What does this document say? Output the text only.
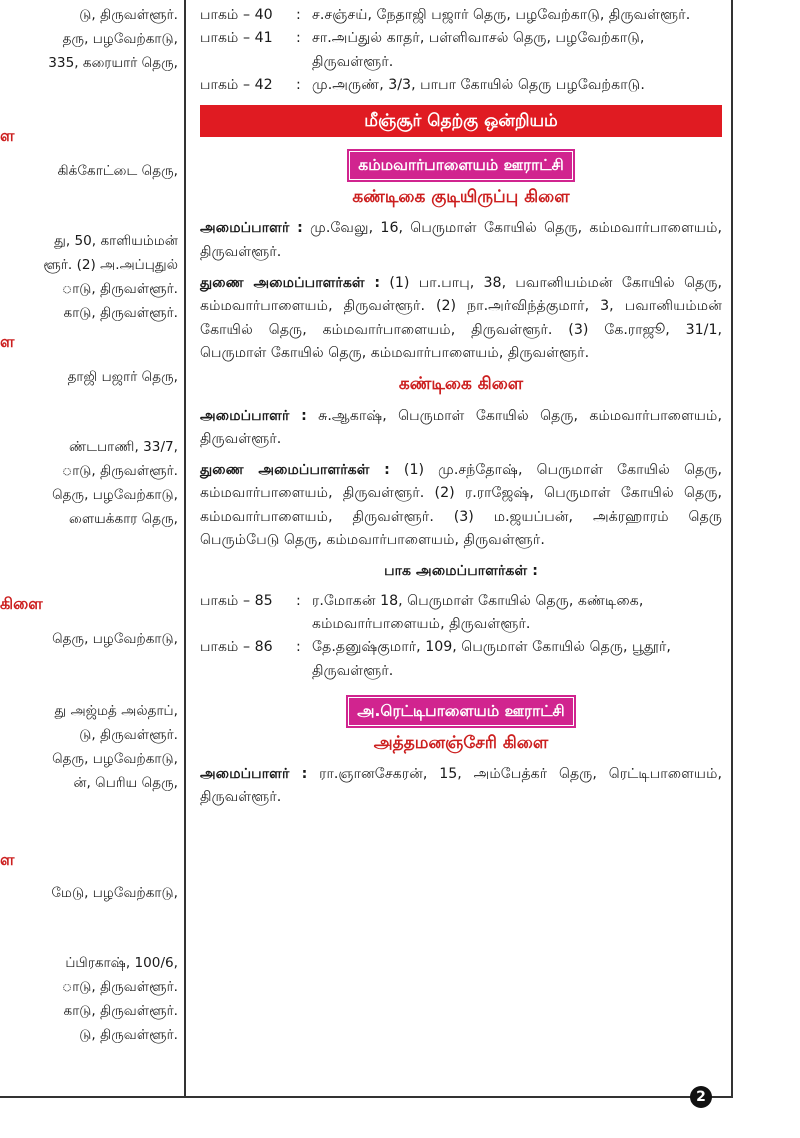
டு, திருவள்ளூர்.
தரு, பழவேற்காடு,
335, கரையார் தெரு,
ள
கிக்கோட்டை தெரு,
து, 50, காளியம்மன்
ளூர். (2) அ.அப்புதுல்
ாடு, திருவள்ளூர்.
காடு, திருவள்ளூர்.
ள
தாஜி பஜார் தெரு,
ண்டபாணி, 33/7,
ாடு, திருவள்ளூர்.
தெரு, பழவேற்காடு,
ளையக்கார தெரு,
கிளை
தெரு, பழவேற்காடு,
து அஜ்மத் அல்தாப்,
டு, திருவள்ளூர்.
தெரு, பழவேற்காடு,
ன், பெரிய தெரு,
ள
மேடு, பழவேற்காடு,
ப்பிரகாஷ், 100/6,
ாடு, திருவள்ளூர்.
காடு, திருவள்ளூர்.
டு, திருவள்ளூர்.
2
பாகம் – 40	: ச.சஞ்சய், நேதாஜி பஜார் தெரு, பழவேற்காடு, திருவள்ளூர்.
பாகம் – 41	: சா.அப்துல் காதர், பள்ளிவாசல் தெரு, பழவேற்காடு, திருவள்ளூர்.
பாகம் – 42	: மு.அருண், 3/3, பாபா கோயில் தெரு பழவேற்காடு.
மீஞ்சூர் தெற்கு ஒன்றியம்
கம்மவார்பாளையம் ஊராட்சி
கண்டிகை குடியிருப்பு கிளை
அமைப்பாளர் : மு.வேலு, 16, பெருமாள் கோயில் தெரு, கம்மவார்பாளையம், திருவள்ளூர்.
துணை அமைப்பாளர்கள் : (1) பா.பாபு, 38, பவானியம்மன் கோயில் தெரு, கம்மவார்பாளையம், திருவள்ளூர். (2) நா.அர்விந்த்குமார், 3, பவானியம்மன் கோயில் தெரு, கம்மவார்பாளையம், திருவள்ளூர். (3) கே.ராஜூ, 31/1, பெருமாள் கோயில் தெரு, கம்மவார்பாளையம், திருவள்ளூர்.
கண்டிகை கிளை
அமைப்பாளர் : சு.ஆகாஷ், பெருமாள் கோயில் தெரு, கம்மவார்பாளையம், திருவள்ளூர்.
துணை அமைப்பாளர்கள் : (1) மு.சந்தோஷ், பெருமாள் கோயில் தெரு, கம்மவார்பாளையம், திருவள்ளூர். (2) ர.ராஜேஷ், பெருமாள் கோயில் தெரு, கம்மவார்பாளையம், திருவள்ளூர். (3) ம.ஜயப்பன், அக்ரஹாரம் தெரு பெரும்பேடு தெரு, கம்மவார்பாளையம், திருவள்ளூர்.
பாக அமைப்பாளர்கள் :
பாகம் – 85	: ர.மோகன் 18, பெருமாள் கோயில் தெரு, கண்டிகை, கம்மவார்பாளையம், திருவள்ளூர்.
பாகம் – 86	: தே.தனுஷ்குமார், 109, பெருமாள் கோயில் தெரு, பூதூர், திருவள்ளூர்.
அ.ரெட்டிபாளையம் ஊராட்சி
அத்தமனஞ்சேரி கிளை
அமைப்பாளர் : ரா.ஞானசேகரன், 15, அம்பேத்கர் தெரு, ரெட்டிபாளையம், திருவள்ளூர்.
